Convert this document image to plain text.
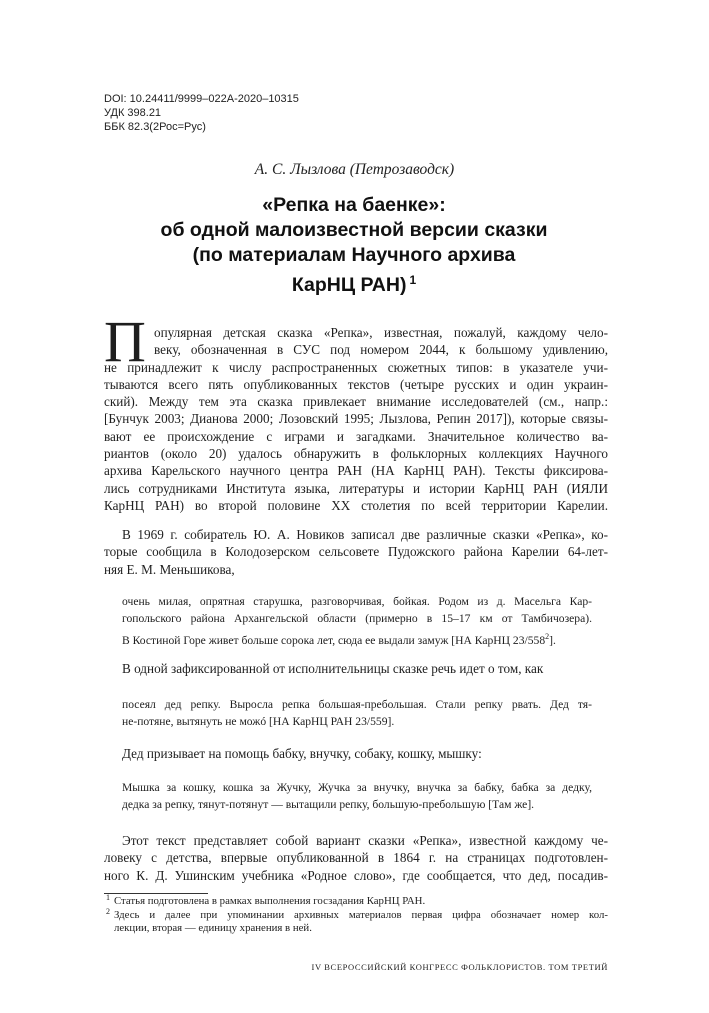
DOI: 10.24411/9999–022A-2020–10315
УДК 398.21
ББК 82.3(2Рос=Рус)
А. С. Лызлова (Петрозаводск)
«Репка на баенке»:
об одной малоизвестной версии сказки
(по материалам Научного архива
КарНЦ РАН) $^1$
П опулярная детская сказка «Репка», известная, пожалуй, каждому чело-
веку, обозначенная в СУС под номером 2044, к большому удивлению,
не принадлежит к числу распространенных сюжетных типов: в указателе учи-
тываются всего пять опубликованных текстов (четыре русских и один украин-
ский). Между тем эта сказка привлекает внимание исследователей (см., напр.:
[Бунчук 2003; Дианова 2000; Лозовский 1995; Лызлова, Репин 2017]), которые связы-
вают ее происхождение с играми и загадками. Значительное количество ва-
риантов (около 20) удалось обнаружить в фольклорных коллекциях Научного
архива Карельского научного центра РАН (НА КарНЦ РАН). Тексты фиксирова-
лись сотрудниками Института языка, литературы и истории КарНЦ РАН (ИЯЛИ
КарНЦ РАН) во второй половине XX столетия по всей территории Карелии.
В 1969 г. собиратель Ю. А. Новиков записал две различные сказки «Репка», ко-
торые сообщила в Колодозерском сельсовете Пудожского района Карелии 64-лет-
няя Е. М. Меньшикова,
очень милая, опрятная старушка, разговорчивая, бойкая. Родом из д. Масельга Кар-
гопольского района Архангельской области (примерно в 15–17 км от Тамбичозера).
В Костиной Горе живет больше сорока лет, сюда ее выдали замуж [НА КарНЦ $23/558^2$].
В одной зафиксированной от исполнительницы сказке речь идет о том, как
посеял дед репку. Выросла репка большая-пребольшая. Стали репку рвать. Дед тя-
не-потяне, вытянуть не можó [НА КарНЦ РАН 23/559].
Дед призывает на помощь бабку, внучку, собаку, кошку, мышку:
Мышка за кошку, кошка за Жучку, Жучка за внучку, внучка за бабку, бабка за дедку,
дедка за репку, тянут-потянут — вытащили репку, большую-пребольшую [Там же].
Этот текст представляет собой вариант сказки «Репка», известной каждому че-
ловеку с детства, впервые опубликованной в 1864 г. на страницах подготовлен-
ного К. Д. Ушинским учебника «Родное слово», где сообщается, что дед, посадив-
1 Статья подготовлена в рамках выполнения госзадания КарНЦ РАН.
2 Здесь и далее при упоминании архивных материалов первая цифра обозначает номер кол-
лекции, вторая — единицу хранения в ней.
IV ВСЕРОССИЙСКИЙ КОНГРЕСС ФОЛЬКЛОРИСТОВ. ТОМ ТРЕТИЙ
